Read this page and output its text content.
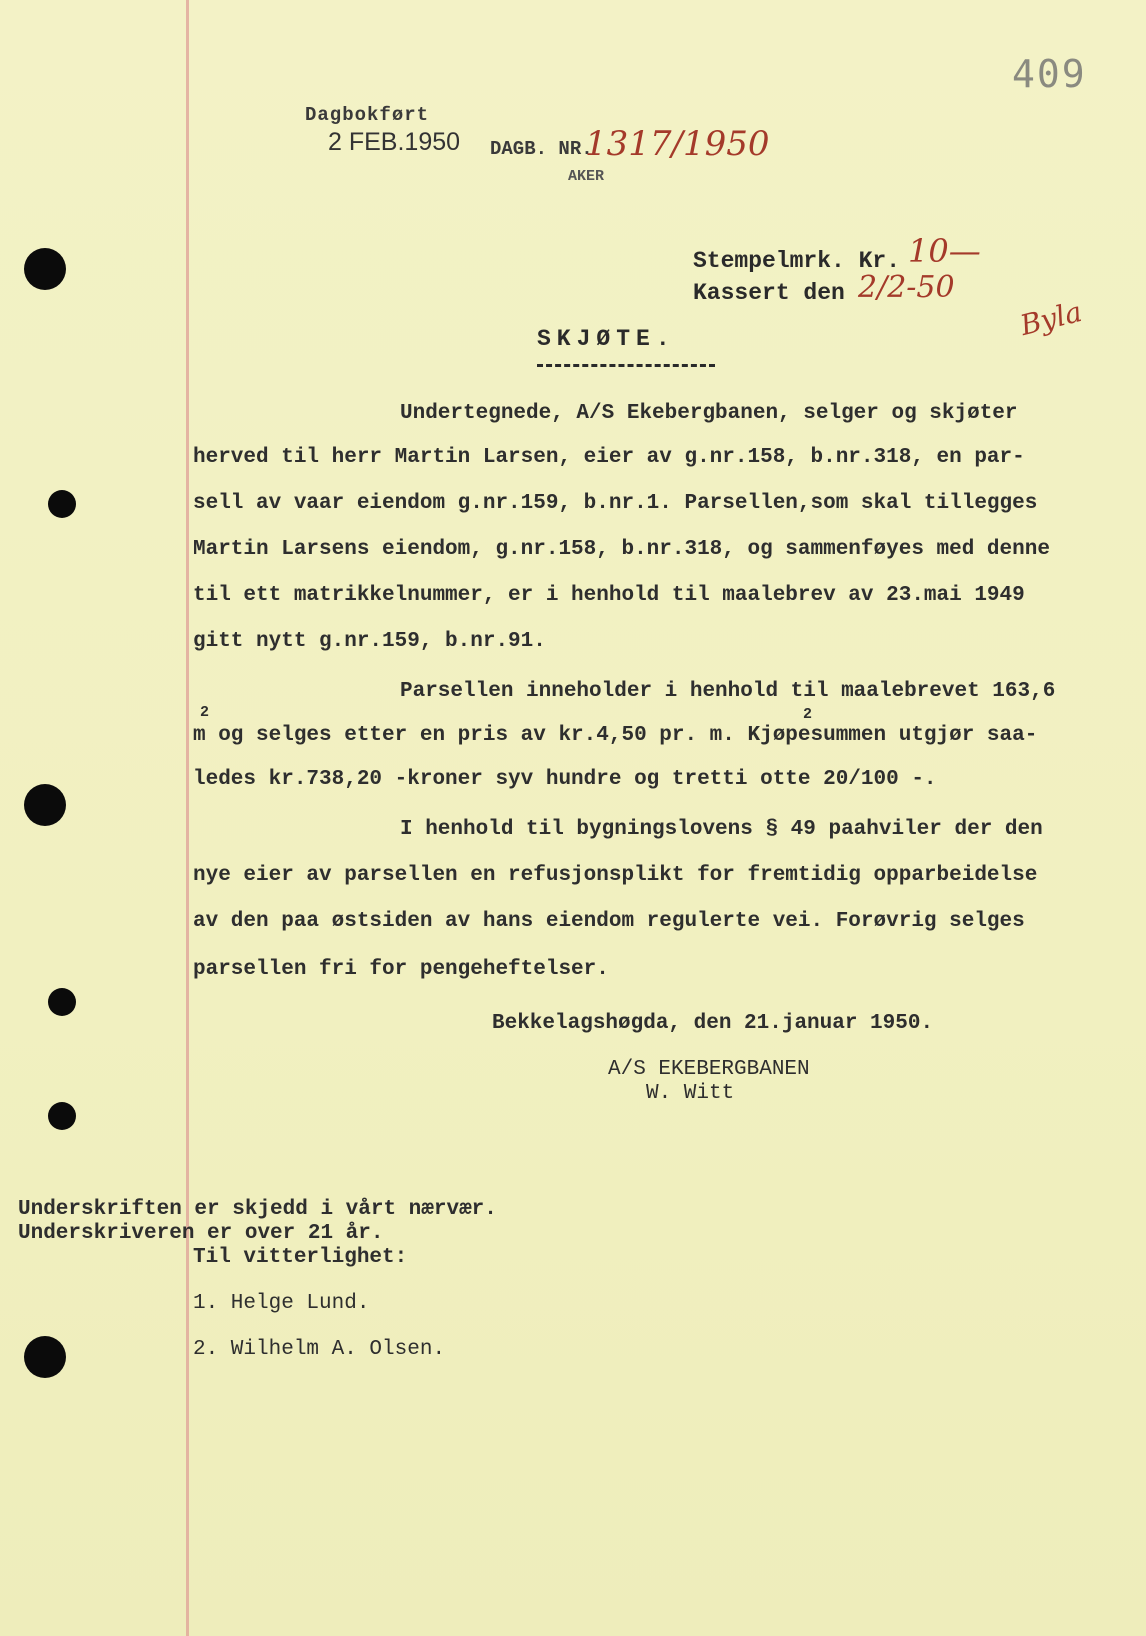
409
Dagbokført
2 FEB.1950 DAGB. NR.
1317/1950
AKER
Stempelmrk. Kr. 10—
Kassert den 2/2-50
Byla
SKJØTE.
Undertegnede, A/S Ekebergbanen, selger og skjøter
herved til herr Martin Larsen, eier av g.nr.158, b.nr.318, en par-
sell av vaar eiendom g.nr.159, b.nr.1. Parsellen,som skal tillegges
Martin Larsens eiendom, g.nr.158, b.nr.318, og sammenføyes med denne
til ett matrikkelnummer, er i henhold til maalebrev av 23.mai 1949
gitt nytt g.nr.159, b.nr.91.
Parsellen inneholder i henhold til maalebrevet 163,6
2
m og selges etter en pris av kr.4,50 pr. m. Kjøpesummen utgjør saa-
2
ledes kr.738,20 -kroner syv hundre og tretti otte 20/100 -.
I henhold til bygningslovens § 49 paahviler der den
nye eier av parsellen en refusjonsplikt for fremtidig opparbeidelse
av den paa østsiden av hans eiendom regulerte vei. Forøvrig selges
parsellen fri for pengeheftelser.
Bekkelagshøgda, den 21.januar 1950.
A/S EKEBERGBANEN
W. Witt
Underskriften er skjedd i vårt nærvær.
Underskriveren er over 21 år.
Til vitterlighet:
1. Helge Lund.
2. Wilhelm A. Olsen.
